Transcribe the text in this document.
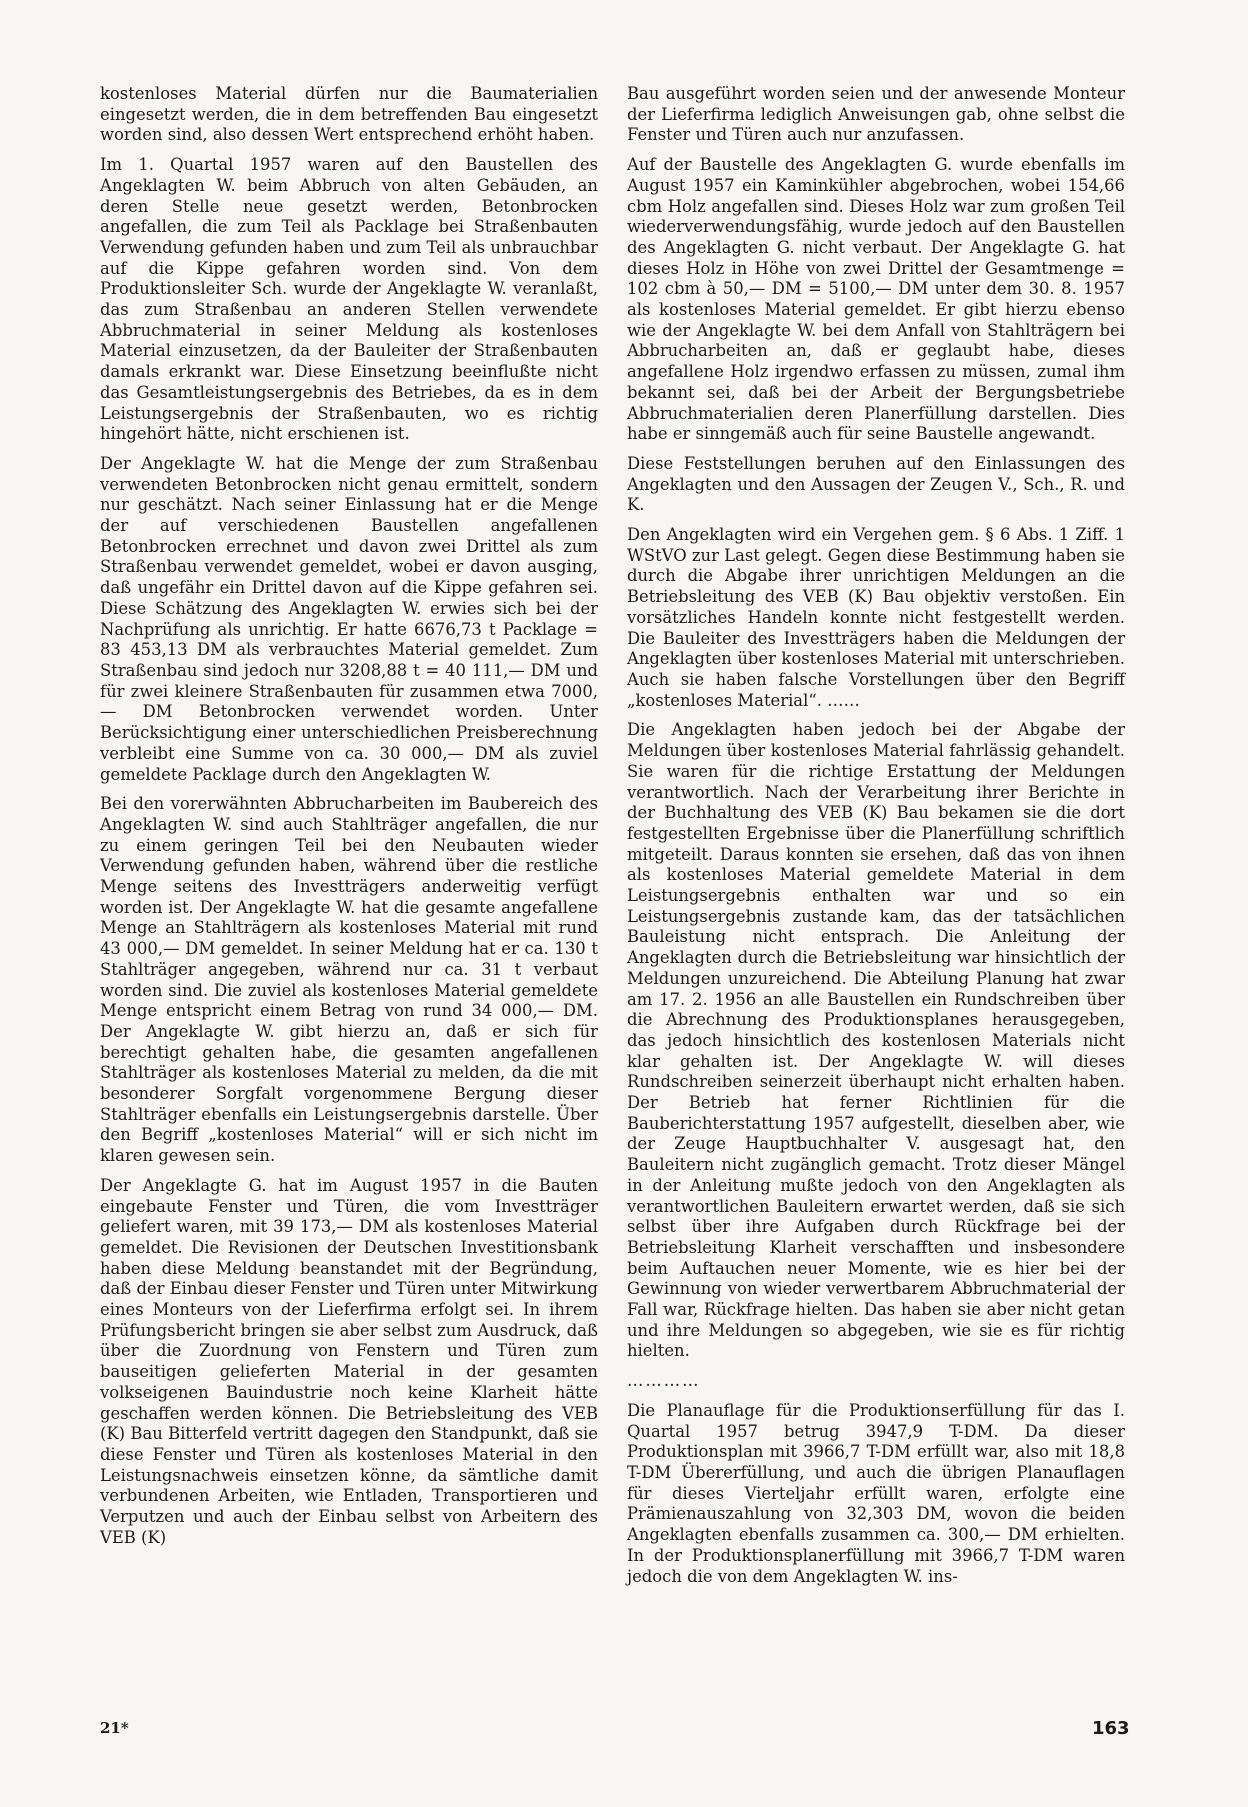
kostenloses Material dürfen nur die Baumaterialien eingesetzt werden, die in dem betreffenden Bau eingesetzt worden sind, also dessen Wert entsprechend erhöht haben.

Im 1. Quartal 1957 waren auf den Baustellen des Angeklagten W. beim Abbruch von alten Gebäuden, an deren Stelle neue gesetzt werden, Betonbrocken angefallen, die zum Teil als Packlage bei Straßenbauten Verwendung gefunden haben und zum Teil als unbrauchbar auf die Kippe gefahren worden sind. Von dem Produktionsleiter Sch. wurde der Angeklagte W. veranlaßt, das zum Straßenbau an anderen Stellen verwendete Abbruchmaterial in seiner Meldung als kostenloses Material einzusetzen, da der Bauleiter der Straßenbauten damals erkrankt war. Diese Einsetzung beeinflußte nicht das Gesamtleistungsergebnis des Betriebes, da es in dem Leistungsergebnis der Straßenbauten, wo es richtig hingehört hätte, nicht erschienen ist.

Der Angeklagte W. hat die Menge der zum Straßenbau verwendeten Betonbrocken nicht genau ermittelt, sondern nur geschätzt. Nach seiner Einlassung hat er die Menge der auf verschiedenen Baustellen angefallenen Betonbrocken errechnet und davon zwei Drittel als zum Straßenbau verwendet gemeldet, wobei er davon ausging, daß ungefähr ein Drittel davon auf die Kippe gefahren sei. Diese Schätzung des Angeklagten W. erwies sich bei der Nachprüfung als unrichtig. Er hatte 6676,73 t Packlage = 83 453,13 DM als verbrauchtes Material gemeldet. Zum Straßenbau sind jedoch nur 3208,88 t = 40 111,— DM und für zwei kleinere Straßenbauten für zusammen etwa 7000,— DM Betonbrocken verwendet worden. Unter Berücksichtigung einer unterschiedlichen Preisberechnung verbleibt eine Summe von ca. 30 000,— DM als zuviel gemeldete Packlage durch den Angeklagten W.

Bei den vorerwähnten Abbrucharbeiten im Baubereich des Angeklagten W. sind auch Stahlträger angefallen, die nur zu einem geringen Teil bei den Neubauten wieder Verwendung gefunden haben, während über die restliche Menge seitens des Investträgers anderweitig verfügt worden ist. Der Angeklagte W. hat die gesamte angefallene Menge an Stahlträgern als kostenloses Material mit rund 43 000,— DM gemeldet. In seiner Meldung hat er ca. 130 t Stahlträger angegeben, während nur ca. 31 t verbaut worden sind. Die zuviel als kostenloses Material gemeldete Menge entspricht einem Betrag von rund 34 000,— DM. Der Angeklagte W. gibt hierzu an, daß er sich für berechtigt gehalten habe, die gesamten angefallenen Stahlträger als kostenloses Material zu melden, da die mit besonderer Sorgfalt vorgenommene Bergung dieser Stahlträger ebenfalls ein Leistungsergebnis darstelle. Über den Begriff „kostenloses Material“ will er sich nicht im klaren gewesen sein.

Der Angeklagte G. hat im August 1957 in die Bauten eingebaute Fenster und Türen, die vom Investträger geliefert waren, mit 39 173,— DM als kostenloses Material gemeldet. Die Revisionen der Deutschen Investitionsbank haben diese Meldung beanstandet mit der Begründung, daß der Einbau dieser Fenster und Türen unter Mitwirkung eines Monteurs von der Lieferfirma erfolgt sei. In ihrem Prüfungsbericht bringen sie aber selbst zum Ausdruck, daß über die Zuordnung von Fenstern und Türen zum bauseitigen gelieferten Material in der gesamten volkseigenen Bauindustrie noch keine Klarheit hätte geschaffen werden können. Die Betriebsleitung des VEB (K) Bau Bitterfeld vertritt dagegen den Standpunkt, daß sie diese Fenster und Türen als kostenloses Material in den Leistungsnachweis einsetzen könne, da sämtliche damit verbundenen Arbeiten, wie Entladen, Transportieren und Verputzen und auch der Einbau selbst von Arbeitern des VEB (K)

Bau ausgeführt worden seien und der anwesende Monteur der Lieferfirma lediglich Anweisungen gab, ohne selbst die Fenster und Türen auch nur anzufassen.

Auf der Baustelle des Angeklagten G. wurde ebenfalls im August 1957 ein Kaminkühler abgebrochen, wobei 154,66 cbm Holz angefallen sind. Dieses Holz war zum großen Teil wiederverwendungsfähig, wurde jedoch auf den Baustellen des Angeklagten G. nicht verbaut. Der Angeklagte G. hat dieses Holz in Höhe von zwei Drittel der Gesamtmenge = 102 cbm à 50,— DM = 5100,— DM unter dem 30. 8. 1957 als kostenloses Material gemeldet. Er gibt hierzu ebenso wie der Angeklagte W. bei dem Anfall von Stahlträgern bei Abbrucharbeiten an, daß er geglaubt habe, dieses angefallene Holz irgendwo erfassen zu müssen, zumal ihm bekannt sei, daß bei der Arbeit der Bergungsbetriebe Abbruchmaterialien deren Planerfüllung darstellen. Dies habe er sinngemäß auch für seine Baustelle angewandt.

Diese Feststellungen beruhen auf den Einlassungen des Angeklagten und den Aussagen der Zeugen V., Sch., R. und K.

Den Angeklagten wird ein Vergehen gem. § 6 Abs. 1 Ziff. 1 WStVO zur Last gelegt. Gegen diese Bestimmung haben sie durch die Abgabe ihrer unrichtigen Meldungen an die Betriebsleitung des VEB (K) Bau objektiv verstoßen. Ein vorsätzliches Handeln konnte nicht festgestellt werden. Die Bauleiter des Investträgers haben die Meldungen der Angeklagten über kostenloses Material mit unterschrieben. Auch sie haben falsche Vorstellungen über den Begriff „kostenloses Material“. ……

Die Angeklagten haben jedoch bei der Abgabe der Meldungen über kostenloses Material fahrlässig gehandelt. Sie waren für die richtige Erstattung der Meldungen verantwortlich. Nach der Verarbeitung ihrer Berichte in der Buchhaltung des VEB (K) Bau bekamen sie die dort festgestellten Ergebnisse über die Planerfüllung schriftlich mitgeteilt. Daraus konnten sie ersehen, daß das von ihnen als kostenloses Material gemeldete Material in dem Leistungsergebnis enthalten war und so ein Leistungsergebnis zustande kam, das der tatsächlichen Bauleistung nicht entsprach. Die Anleitung der Angeklagten durch die Betriebsleitung war hinsichtlich der Meldungen unzureichend. Die Abteilung Planung hat zwar am 17. 2. 1956 an alle Baustellen ein Rundschreiben über die Abrechnung des Produktionsplanes herausgegeben, das jedoch hinsichtlich des kostenlosen Materials nicht klar gehalten ist. Der Angeklagte W. will dieses Rundschreiben seinerzeit überhaupt nicht erhalten haben. Der Betrieb hat ferner Richtlinien für die Bauberichterstattung 1957 aufgestellt, dieselben aber, wie der Zeuge Hauptbuchhalter V. ausgesagt hat, den Bauleitern nicht zugänglich gemacht. Trotz dieser Mängel in der Anleitung mußte jedoch von den Angeklagten als verantwortlichen Bauleitern erwartet werden, daß sie sich selbst über ihre Aufgaben durch Rückfrage bei der Betriebsleitung Klarheit verschafften und insbesondere beim Auftauchen neuer Momente, wie es hier bei der Gewinnung von wieder verwertbarem Abbruchmaterial der Fall war, Rückfrage hielten. Das haben sie aber nicht getan und ihre Meldungen so abgegeben, wie sie es für richtig hielten.

…………

Die Planauflage für die Produktionserfüllung für das I. Quartal 1957 betrug 3947,9 T-DM. Da dieser Produktionsplan mit 3966,7 T-DM erfüllt war, also mit 18,8 T-DM Übererfüllung, und auch die übrigen Planauflagen für dieses Vierteljahr erfüllt waren, erfolgte eine Prämienauszahlung von 32,303 DM, wovon die beiden Angeklagten ebenfalls zusammen ca. 300,— DM erhielten. In der Produktionsplanerfüllung mit 3966,7 T-DM waren jedoch die von dem Angeklagten W. ins-

21*	163
